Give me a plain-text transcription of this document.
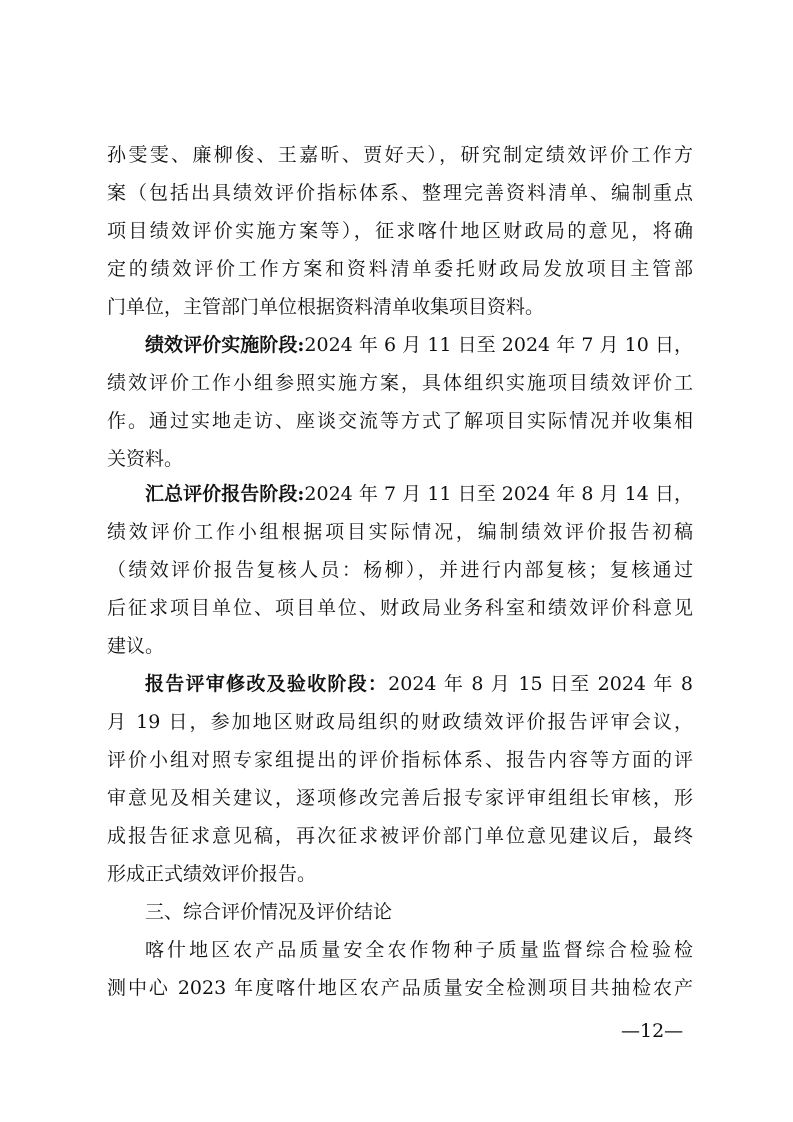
孙雯雯、廉柳俊、王嘉昕、贾好天），研究制定绩效评价工作方
案（包括出具绩效评价指标体系、整理完善资料清单、编制重点
项目绩效评价实施方案等），征求喀什地区财政局的意见，将确
定的绩效评价工作方案和资料清单委托财政局发放项目主管部
门单位，主管部门单位根据资料清单收集项目资料。
绩效评价实施阶段:2024 年 6 月 11 日至 2024 年 7 月 10 日，
绩效评价工作小组参照实施方案，具体组织实施项目绩效评价工
作。通过实地走访、座谈交流等方式了解项目实际情况并收集相
关资料。
汇总评价报告阶段:2024 年 7 月 11 日至 2024 年 8 月 14 日，
绩效评价工作小组根据项目实际情况，编制绩效评价报告初稿
（绩效评价报告复核人员：杨柳），并进行内部复核；复核通过
后征求项目单位、项目单位、财政局业务科室和绩效评价科意见
建议。
报告评审修改及验收阶段：2024 年 8 月 15 日至 2024 年 8
月 19 日，参加地区财政局组织的财政绩效评价报告评审会议，
评价小组对照专家组提出的评价指标体系、报告内容等方面的评
审意见及相关建议，逐项修改完善后报专家评审组组长审核，形
成报告征求意见稿，再次征求被评价部门单位意见建议后，最终
形成正式绩效评价报告。
三、综合评价情况及评价结论
喀什地区农产品质量安全农作物种子质量监督综合检验检
测中心 2023 年度喀什地区农产品质量安全检测项目共抽检农产
—12—
